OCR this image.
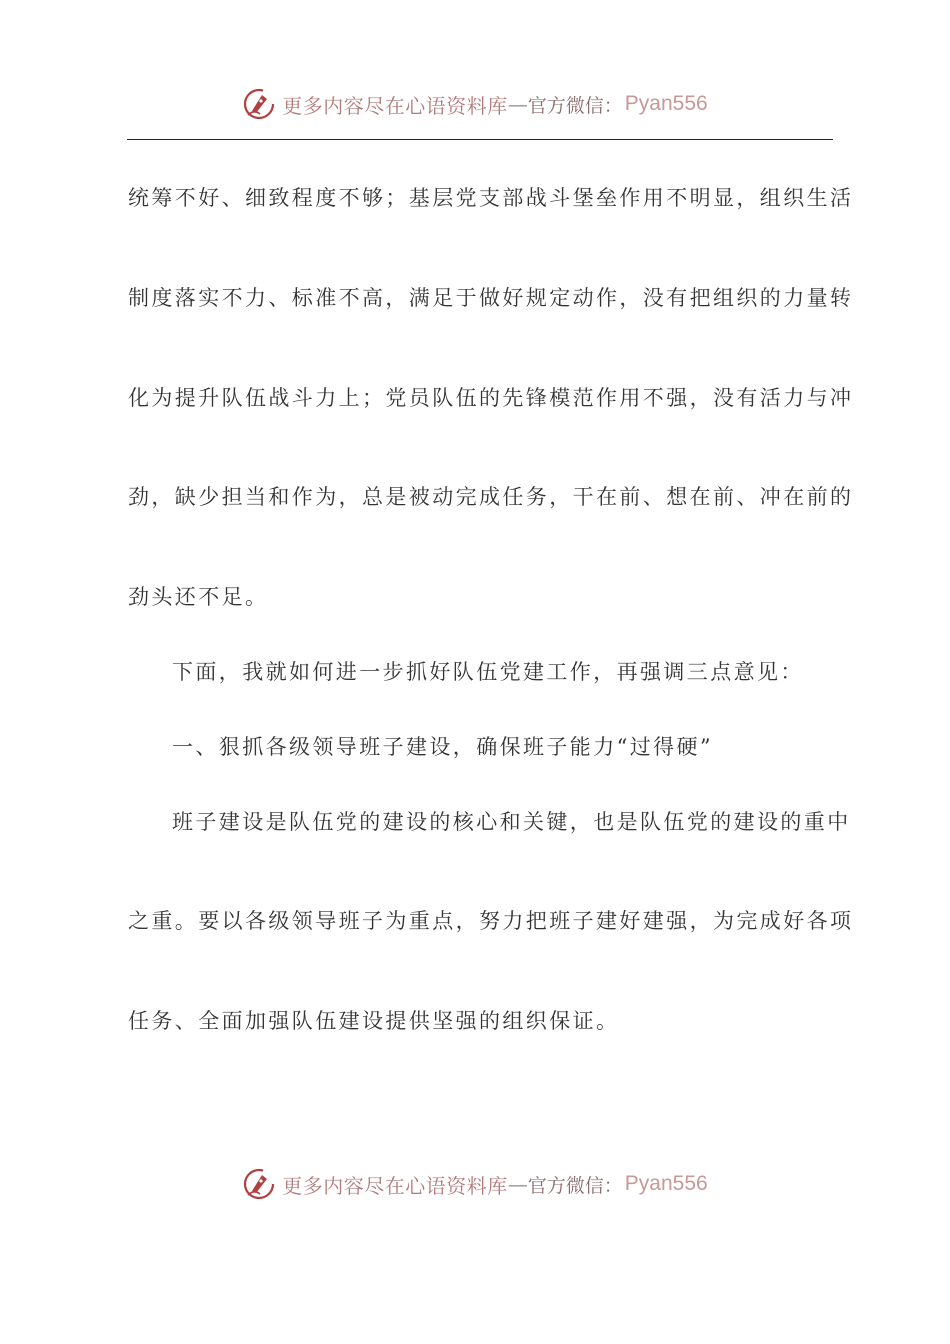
更多内容尽在心语资料库 — 官方微信： Pyan556
统筹不好、细致程度不够；基层党支部战斗堡垒作用不明显，组织生活
制度落实不力、标准不高，满足于做好规定动作，没有把组织的力量转
化为提升队伍战斗力上；党员队伍的先锋模范作用不强，没有活力与冲
劲，缺少担当和作为，总是被动完成任务，干在前、想在前、冲在前的
劲头还不足。
下面，我就如何进一步抓好队伍党建工作，再强调三点意见：
一、狠抓各级领导班子建设，确保班子能力“过得硬”
班子建设是队伍党的建设的核心和关键，也是队伍党的建设的重中
之重。要以各级领导班子为重点，努力把班子建好建强，为完成好各项
任务、全面加强队伍建设提供坚强的组织保证。
更多内容尽在心语资料库 — 官方微信： Pyan556
